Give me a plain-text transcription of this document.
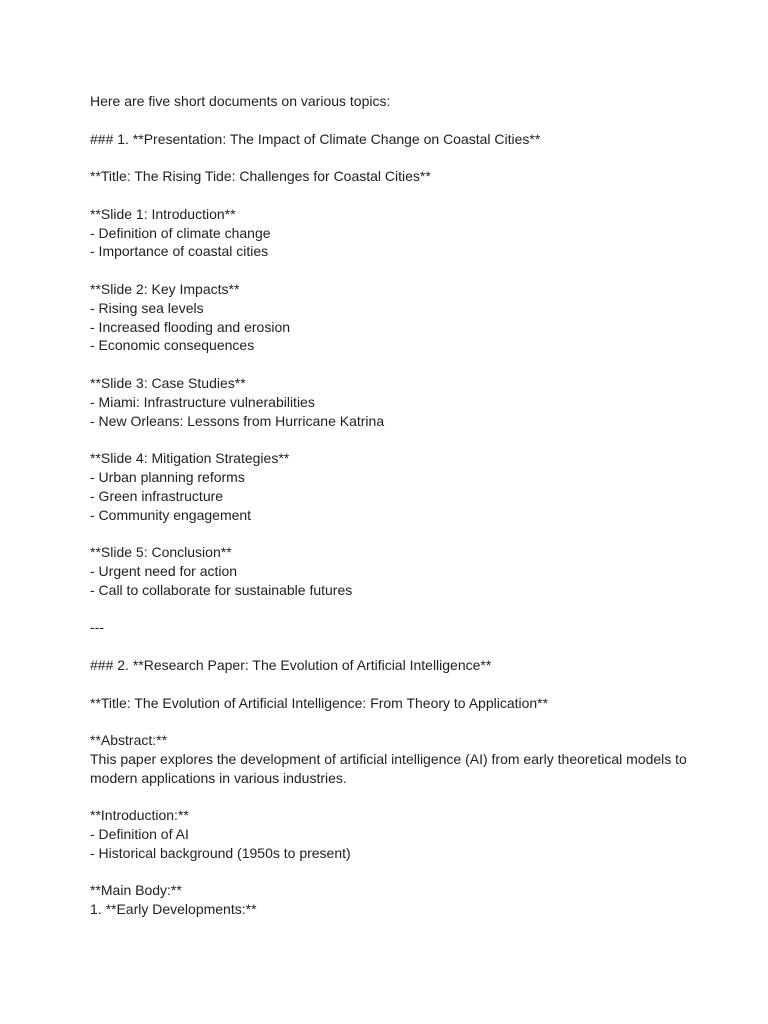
Here are five short documents on various topics:
### 1. **Presentation: The Impact of Climate Change on Coastal Cities**
**Title: The Rising Tide: Challenges for Coastal Cities**
**Slide 1: Introduction**
- Definition of climate change
- Importance of coastal cities
**Slide 2: Key Impacts**
- Rising sea levels
- Increased flooding and erosion
- Economic consequences
**Slide 3: Case Studies**
- Miami: Infrastructure vulnerabilities
- New Orleans: Lessons from Hurricane Katrina
**Slide 4: Mitigation Strategies**
- Urban planning reforms
- Green infrastructure
- Community engagement
**Slide 5: Conclusion**
- Urgent need for action
- Call to collaborate for sustainable futures
---
### 2. **Research Paper: The Evolution of Artificial Intelligence**
**Title: The Evolution of Artificial Intelligence: From Theory to Application**
**Abstract:**
This paper explores the development of artificial intelligence (AI) from early theoretical models to modern applications in various industries.
**Introduction:**
- Definition of AI
- Historical background (1950s to present)
**Main Body:**
1. **Early Developments:**
